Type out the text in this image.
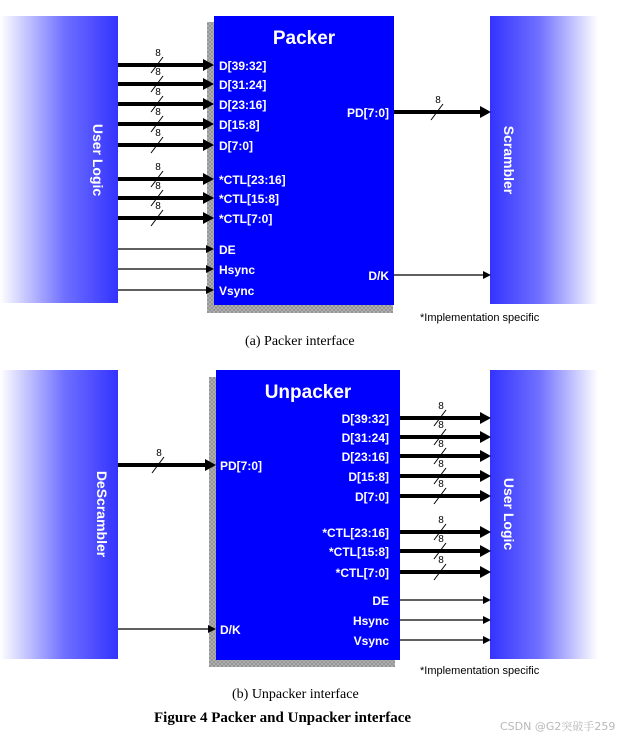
User Logic	Scrambler
Packer
8
D[39:32]
8
D[31:24]
8
D[23:16]
8
D[15:8]
8
D[7:0]
8
*CTL[23:16]
8
*CTL[15:8]
8
*CTL[7:0]
DE
Hsync
Vsync
8
PD[7:0]
D/K
DeScrambler	User Logic
Unpacker
8
PD[7:0]
D/K
8
D[39:32]	8
D[31:24]	8
D[23:16]
8
D[15:8]
8
D[7:0]
8
*CTL[23:16]	8
*CTL[15:8]
8
*CTL[7:0]
DE
Hsync
Vsync
*Implementation specific
(a) Packer interface
*Implementation specific
(b) Unpacker interface
Figure 4 Packer and Unpacker interface
CSDN @G2突破手259
